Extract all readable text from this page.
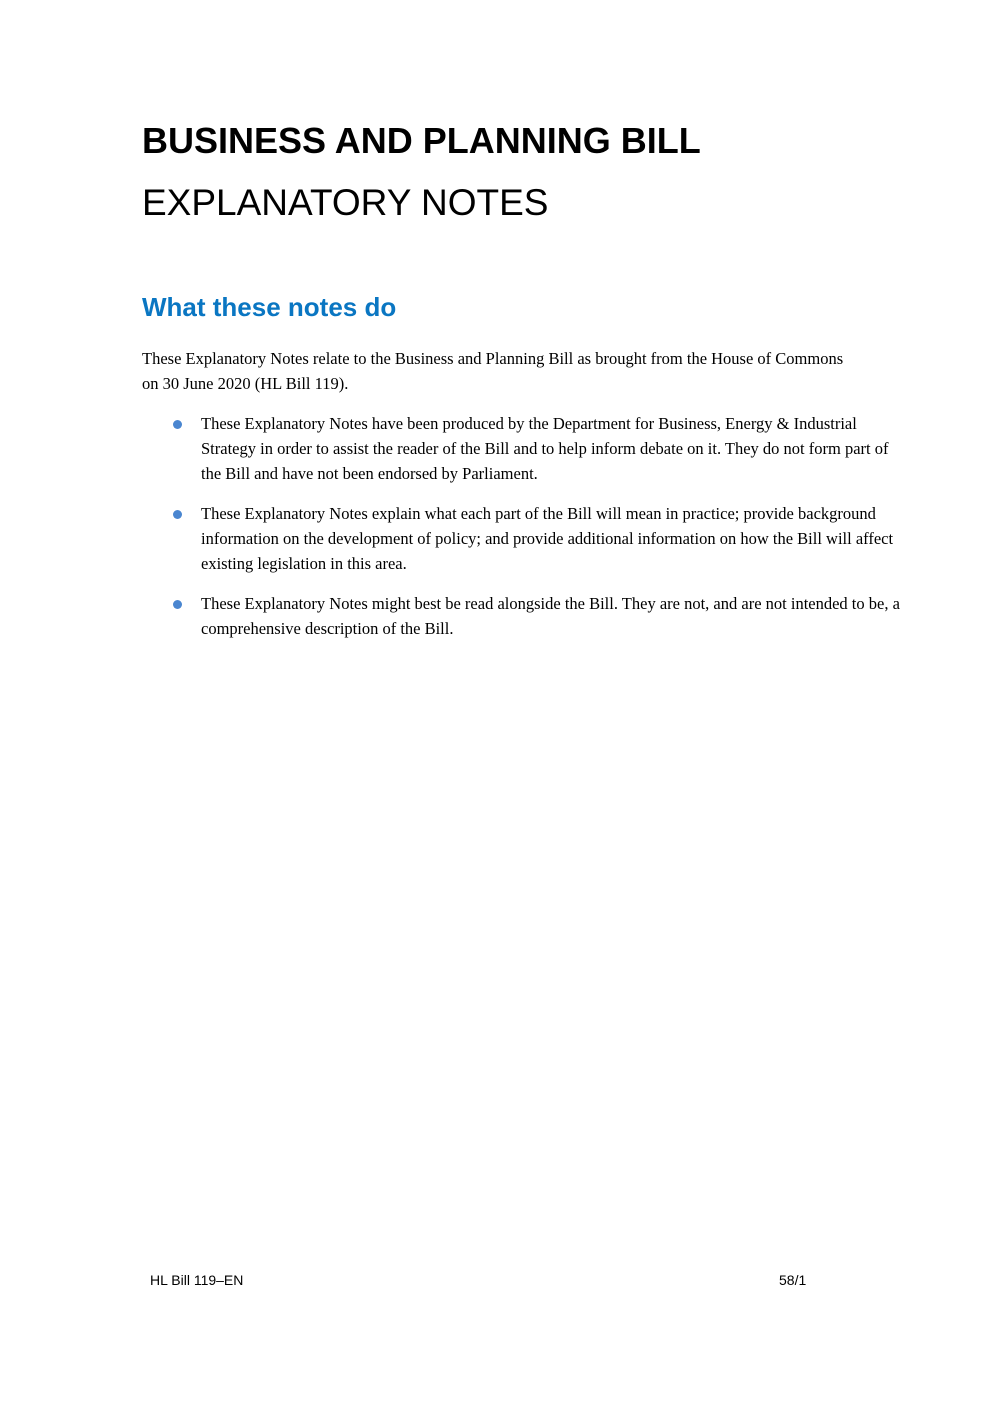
BUSINESS AND PLANNING BILL
EXPLANATORY NOTES
What these notes do
These Explanatory Notes relate to the Business and Planning Bill as brought from the House of Commons on 30 June 2020 (HL Bill 119).
These Explanatory Notes have been produced by the Department for Business, Energy & Industrial Strategy in order to assist the reader of the Bill and to help inform debate on it. They do not form part of the Bill and have not been endorsed by Parliament.
These Explanatory Notes explain what each part of the Bill will mean in practice; provide background information on the development of policy; and provide additional information on how the Bill will affect existing legislation in this area.
These Explanatory Notes might best be read alongside the Bill. They are not, and are not intended to be, a comprehensive description of the Bill.
HL Bill 119–EN	58/1
